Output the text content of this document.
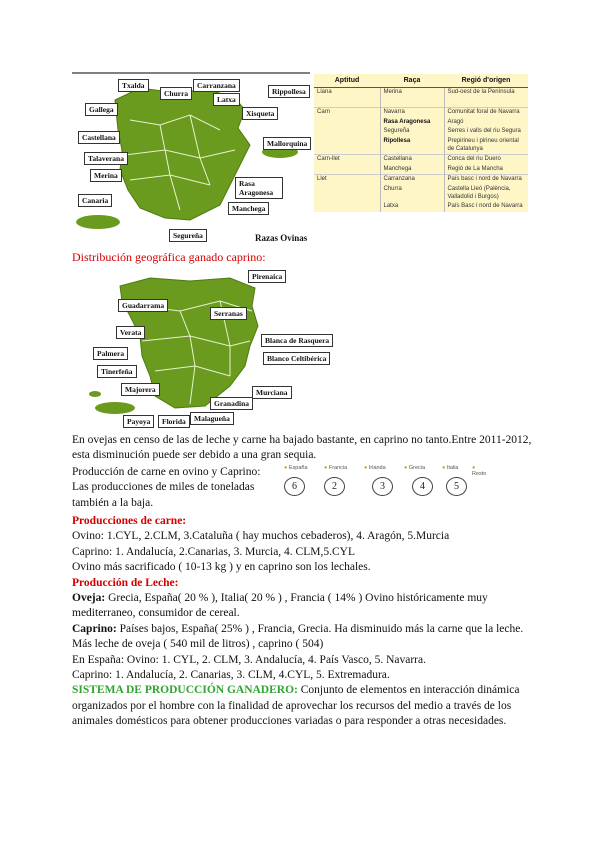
Txalda
Churra
Carranzana
Rippollesa
Gallega
Latxa
Xisqueta
Castellana
Mallorquina
Talaverana
Merina
Rasa Aragonesa
Canaria
Manchega
Segureña	Razas Ovinas
Aptitud	Raça	Regió d'origen
Llana	Merina	Sud-oest de la Península

Carn	Navarra	Comunitat foral de Navarra
	Rasa Aragonesa	Aragó
	Segureña	Serres i valls del riu Segura
	Ripollesa	Prepirineu i pirineu oriental de Catalunya
Carn-llet	Castellana	Conca del riu Duero
	Manchega	Regió de La Mancha
Llet	Carranzana	País basc i nord de Navarra
	Churra	Castella Lleó (Palència, Valladolid i Burgos)
	Latxa	País Basc i nord de Navarra
Distribución geográfica ganado caprino:
Pirenaica
Guadarrama
Serranas
Verata
Blanca de Rasquera
Blanco Celtibérica
Palmera
Tinerfeña
Majorera	Murciana
Granadina
Payoya	Florida	Malagueña
En ovejas en censo de las de leche y carne ha bajado bastante, en caprino no tanto.Entre 2011-2012, esta disminución puede ser debido a una gran sequia.
Producción de carne en ovino y Caprino:
Las producciones de miles de toneladas
también a la baja.
● España	● Francia	● Irlanda	● Grecia	● Italia ● Resto
6	2	3	4	5
Producciones de carne:
Ovino: 1.CYL, 2.CLM, 3.Cataluña ( hay muchos cebaderos), 4. Aragón, 5.Murcia
Caprino: 1. Andalucía, 2.Canarias, 3. Murcia, 4. CLM,5.CYL
Ovino más sacrificado ( 10-13 kg ) y en caprino son los lechales.
Producción de Leche:
Oveja: Grecia, España( 20 % ), Italia( 20 % ) , Francia ( 14% ) Ovino históricamente muy mediterraneo, consumidor de cereal.
Caprino: Países bajos, España( 25% ) , Francia, Grecia. Ha disminuido más la carne que la leche.
Más leche de oveja ( 540 mil de litros) , caprino ( 504)
En España: Ovino: 1. CYL, 2. CLM, 3. Andalucía, 4. País Vasco, 5. Navarra.
Caprino: 1. Andalucía, 2. Canarias, 3. CLM, 4.CYL, 5. Extremadura.
SISTEMA DE PRODUCCIÓN GANADERO: Conjunto de elementos en interacción dinámica organizados por el hombre con la finalidad de aprovechar los recursos del medio a través de los animales domésticos para obtener producciones variadas o para responder a otras necesidades.
